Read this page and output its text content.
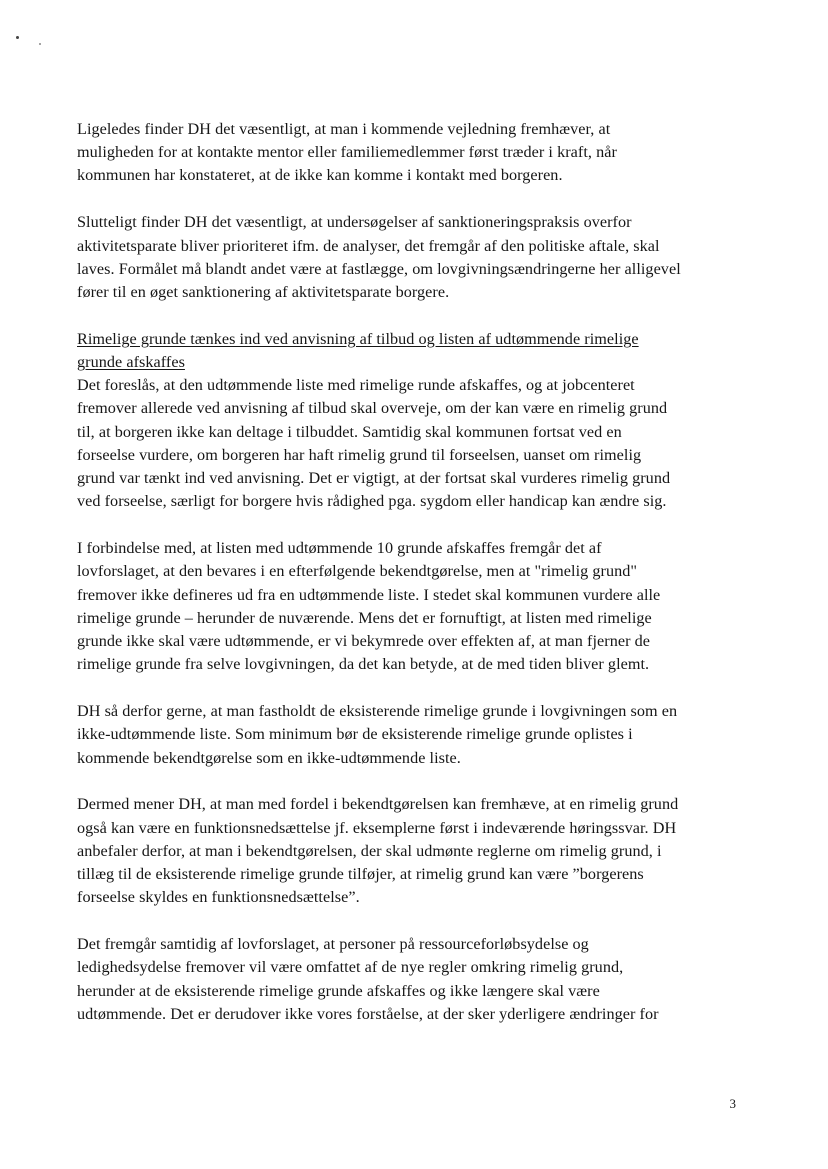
Ligeledes finder DH det væsentligt, at man i kommende vejledning fremhæver, at
muligheden for at kontakte mentor eller familiemedlemmer først træder i kraft, når
kommunen har konstateret, at de ikke kan komme i kontakt med borgeren.

Slutteligt finder DH det væsentligt, at undersøgelser af sanktioneringspraksis overfor
aktivitetsparate bliver prioriteret ifm. de analyser, det fremgår af den politiske aftale, skal
laves. Formålet må blandt andet være at fastlægge, om lovgivningsændringerne her alligevel
fører til en øget sanktionering af aktivitetsparate borgere.

Rimelige grunde tænkes ind ved anvisning af tilbud og listen af udtømmende rimelige
grunde afskaffes
Det foreslås, at den udtømmende liste med rimelige runde afskaffes, og at jobcenteret
fremover allerede ved anvisning af tilbud skal overveje, om der kan være en rimelig grund
til, at borgeren ikke kan deltage i tilbuddet. Samtidig skal kommunen fortsat ved en
forseelse vurdere, om borgeren har haft rimelig grund til forseelsen, uanset om rimelig
grund var tænkt ind ved anvisning. Det er vigtigt, at der fortsat skal vurderes rimelig grund
ved forseelse, særligt for borgere hvis rådighed pga. sygdom eller handicap kan ændre sig.

I forbindelse med, at listen med udtømmende 10 grunde afskaffes fremgår det af
lovforslaget, at den bevares i en efterfølgende bekendtgørelse, men at "rimelig grund"
fremover ikke defineres ud fra en udtømmende liste. I stedet skal kommunen vurdere alle
rimelige grunde – herunder de nuværende. Mens det er fornuftigt, at listen med rimelige
grunde ikke skal være udtømmende, er vi bekymrede over effekten af, at man fjerner de
rimelige grunde fra selve lovgivningen, da det kan betyde, at de med tiden bliver glemt.

DH så derfor gerne, at man fastholdt de eksisterende rimelige grunde i lovgivningen som en
ikke-udtømmende liste. Som minimum bør de eksisterende rimelige grunde oplistes i
kommende bekendtgørelse som en ikke-udtømmende liste.

Dermed mener DH, at man med fordel i bekendtgørelsen kan fremhæve, at en rimelig grund
også kan være en funktionsnedsættelse jf. eksemplerne først i indeværende høringssvar. DH
anbefaler derfor, at man i bekendtgørelsen, der skal udmønte reglerne om rimelig grund, i
tillæg til de eksisterende rimelige grunde tilføjer, at rimelig grund kan være ”borgerens
forseelse skyldes en funktionsnedsættelse”.

Det fremgår samtidig af lovforslaget, at personer på ressourceforløbsydelse og
ledighedsydelse fremover vil være omfattet af de nye regler omkring rimelig grund,
herunder at de eksisterende rimelige grunde afskaffes og ikke længere skal være
udtømmende. Det er derudover ikke vores forståelse, at der sker yderligere ændringer for

3
